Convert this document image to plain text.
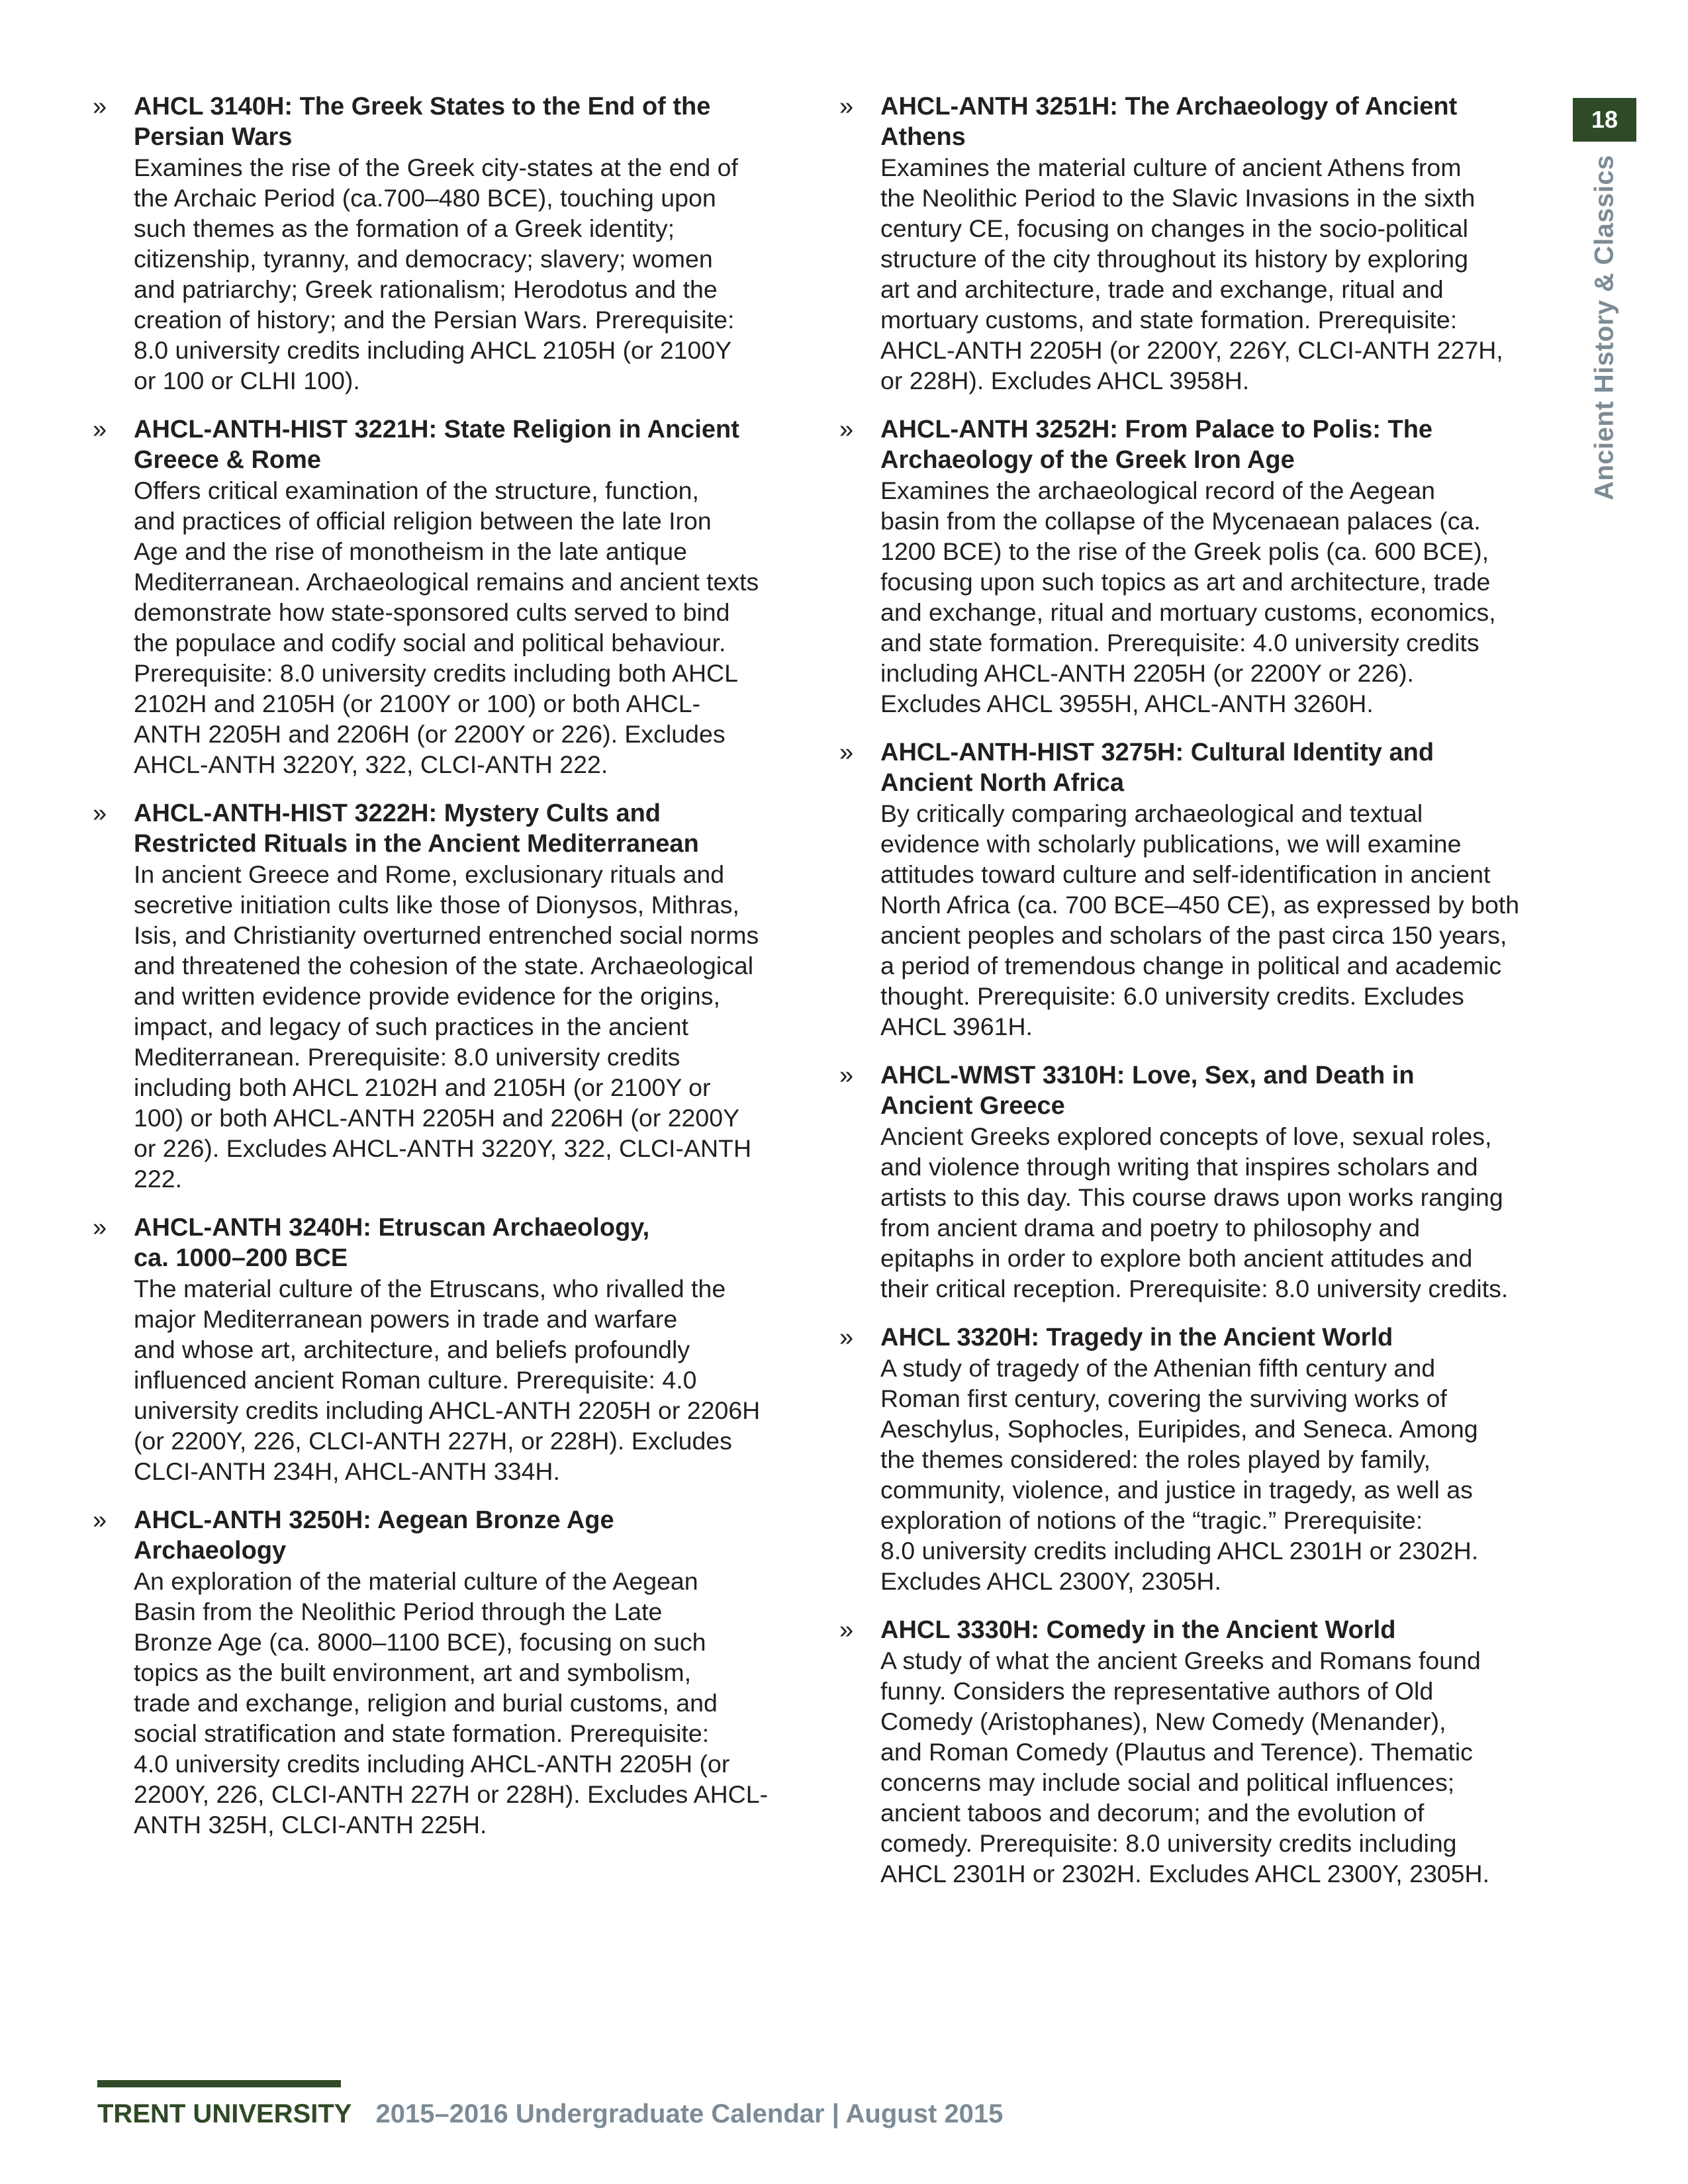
» AHCL 3140H: The Greek States to the End of the
Persian Wars
Examines the rise of the Greek city-states at the end of
the Archaic Period (ca.700–480 BCE), touching upon
such themes as the formation of a Greek identity;
citizenship, tyranny, and democracy; slavery; women
and patriarchy; Greek rationalism; Herodotus and the
creation of history; and the Persian Wars. Prerequisite:
8.0 university credits including AHCL 2105H (or 2100Y
or 100 or CLHI 100).
» AHCL-ANTH-HIST 3221H: State Religion in Ancient
Greece & Rome
Offers critical examination of the structure, function,
and practices of official religion between the late Iron
Age and the rise of monotheism in the late antique
Mediterranean. Archaeological remains and ancient texts
demonstrate how state-sponsored cults served to bind
the populace and codify social and political behaviour.
Prerequisite: 8.0 university credits including both AHCL
2102H and 2105H (or 2100Y or 100) or both AHCL-
ANTH 2205H and 2206H (or 2200Y or 226). Excludes
AHCL-ANTH 3220Y, 322, CLCI-ANTH 222.
» AHCL-ANTH-HIST 3222H: Mystery Cults and
Restricted Rituals in the Ancient Mediterranean
In ancient Greece and Rome, exclusionary rituals and
secretive initiation cults like those of Dionysos, Mithras,
Isis, and Christianity overturned entrenched social norms
and threatened the cohesion of the state. Archaeological
and written evidence provide evidence for the origins,
impact, and legacy of such practices in the ancient
Mediterranean. Prerequisite: 8.0 university credits
including both AHCL 2102H and 2105H (or 2100Y or
100) or both AHCL-ANTH 2205H and 2206H (or 2200Y
or 226). Excludes AHCL-ANTH 3220Y, 322, CLCI-ANTH
222.
» AHCL-ANTH 3240H: Etruscan Archaeology,
ca. 1000–200 BCE
The material culture of the Etruscans, who rivalled the
major Mediterranean powers in trade and warfare
and whose art, architecture, and beliefs profoundly
influenced ancient Roman culture. Prerequisite: 4.0
university credits including AHCL-ANTH 2205H or 2206H
(or 2200Y, 226, CLCI-ANTH 227H, or 228H). Excludes
CLCI-ANTH 234H, AHCL-ANTH 334H.
» AHCL-ANTH 3250H: Aegean Bronze Age
Archaeology
An exploration of the material culture of the Aegean
Basin from the Neolithic Period through the Late
Bronze Age (ca. 8000–1100 BCE), focusing on such
topics as the built environment, art and symbolism,
trade and exchange, religion and burial customs, and
social stratification and state formation. Prerequisite:
4.0 university credits including AHCL-ANTH 2205H (or
2200Y, 226, CLCI-ANTH 227H or 228H). Excludes AHCL-
ANTH 325H, CLCI-ANTH 225H.
» AHCL-ANTH 3251H: The Archaeology of Ancient
Athens
Examines the material culture of ancient Athens from
the Neolithic Period to the Slavic Invasions in the sixth
century CE, focusing on changes in the socio-political
structure of the city throughout its history by exploring
art and architecture, trade and exchange, ritual and
mortuary customs, and state formation. Prerequisite:
AHCL-ANTH 2205H (or 2200Y, 226Y, CLCI-ANTH 227H,
or 228H). Excludes AHCL 3958H.
» AHCL-ANTH 3252H: From Palace to Polis: The
Archaeology of the Greek Iron Age
Examines the archaeological record of the Aegean
basin from the collapse of the Mycenaean palaces (ca.
1200 BCE) to the rise of the Greek polis (ca. 600 BCE),
focusing upon such topics as art and architecture, trade
and exchange, ritual and mortuary customs, economics,
and state formation. Prerequisite: 4.0 university credits
including AHCL-ANTH 2205H (or 2200Y or 226).
Excludes AHCL 3955H, AHCL-ANTH 3260H.
» AHCL-ANTH-HIST 3275H: Cultural Identity and
Ancient North Africa
By critically comparing archaeological and textual
evidence with scholarly publications, we will examine
attitudes toward culture and self-identification in ancient
North Africa (ca. 700 BCE–450 CE), as expressed by both
ancient peoples and scholars of the past circa 150 years,
a period of tremendous change in political and academic
thought. Prerequisite: 6.0 university credits. Excludes
AHCL 3961H.
» AHCL-WMST 3310H: Love, Sex, and Death in
Ancient Greece
Ancient Greeks explored concepts of love, sexual roles,
and violence through writing that inspires scholars and
artists to this day. This course draws upon works ranging
from ancient drama and poetry to philosophy and
epitaphs in order to explore both ancient attitudes and
their critical reception. Prerequisite: 8.0 university credits.
» AHCL 3320H: Tragedy in the Ancient World
A study of tragedy of the Athenian fifth century and
Roman first century, covering the surviving works of
Aeschylus, Sophocles, Euripides, and Seneca. Among
the themes considered: the roles played by family,
community, violence, and justice in tragedy, as well as
exploration of notions of the “tragic.” Prerequisite:
8.0 university credits including AHCL 2301H or 2302H.
Excludes AHCL 2300Y, 2305H.
» AHCL 3330H: Comedy in the Ancient World
A study of what the ancient Greeks and Romans found
funny. Considers the representative authors of Old
Comedy (Aristophanes), New Comedy (Menander),
and Roman Comedy (Plautus and Terence). Thematic
concerns may include social and political influences;
ancient taboos and decorum; and the evolution of
comedy. Prerequisite: 8.0 university credits including
AHCL 2301H or 2302H. Excludes AHCL 2300Y, 2305H.
18
Ancient History & Classics
TRENT UNIVERSITY 2015–2016 Undergraduate Calendar | August 2015
